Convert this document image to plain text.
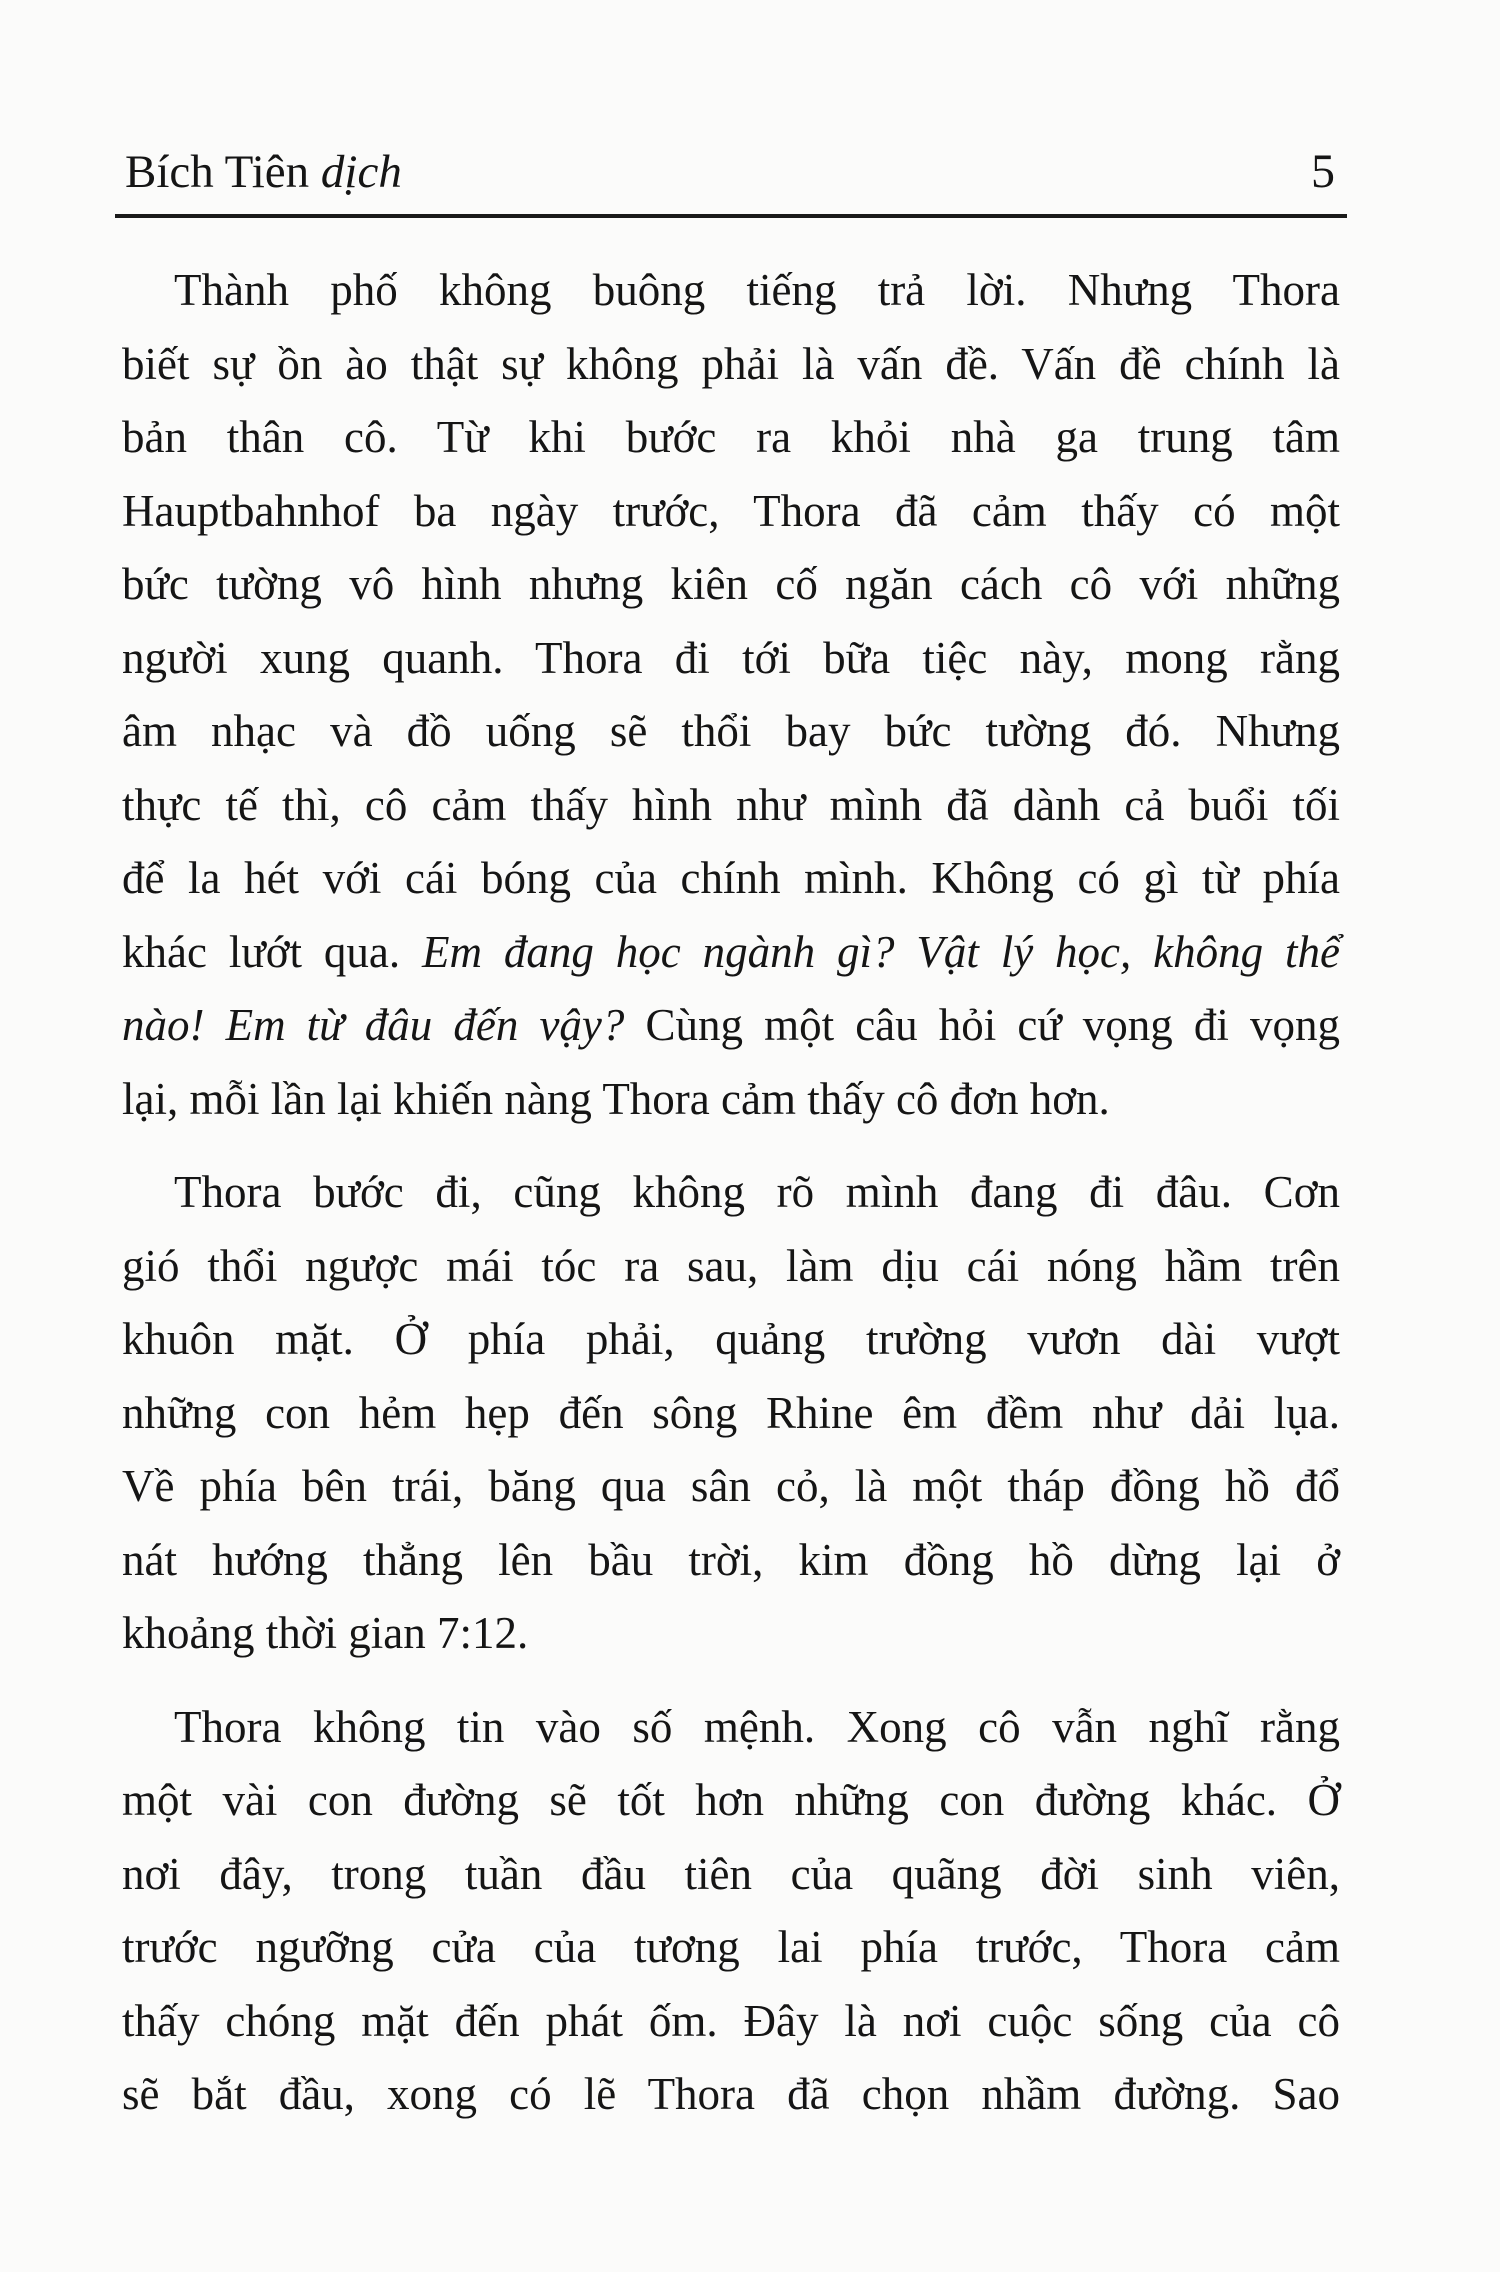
Bích Tiên dịch	5
Thành phố không buông tiếng trả lời. Nhưng Thora
biết sự ồn ào thật sự không phải là vấn đề. Vấn đề chính là
bản thân cô. Từ khi bước ra khỏi nhà ga trung tâm
Hauptbahnhof ba ngày trước, Thora đã cảm thấy có một
bức tường vô hình nhưng kiên cố ngăn cách cô với những
người xung quanh. Thora đi tới bữa tiệc này, mong rằng
âm nhạc và đồ uống sẽ thổi bay bức tường đó. Nhưng
thực tế thì, cô cảm thấy hình như mình đã dành cả buổi tối
để la hét với cái bóng của chính mình. Không có gì từ phía
khác lướt qua. Em đang học ngành gì? Vật lý học, không thể
nào! Em từ đâu đến vậy? Cùng một câu hỏi cứ vọng đi vọng
lại, mỗi lần lại khiến nàng Thora cảm thấy cô đơn hơn.
Thora bước đi, cũng không rõ mình đang đi đâu. Cơn
gió thổi ngược mái tóc ra sau, làm dịu cái nóng hầm trên
khuôn mặt. Ở phía phải, quảng trường vươn dài vượt
những con hẻm hẹp đến sông Rhine êm đềm như dải lụa.
Về phía bên trái, băng qua sân cỏ, là một tháp đồng hồ đổ
nát hướng thẳng lên bầu trời, kim đồng hồ dừng lại ở
khoảng thời gian 7:12.
Thora không tin vào số mệnh. Xong cô vẫn nghĩ rằng
một vài con đường sẽ tốt hơn những con đường khác. Ở
nơi đây, trong tuần đầu tiên của quãng đời sinh viên,
trước ngưỡng cửa của tương lai phía trước, Thora cảm
thấy chóng mặt đến phát ốm. Đây là nơi cuộc sống của cô
sẽ bắt đầu, xong có lẽ Thora đã chọn nhầm đường. Sao
